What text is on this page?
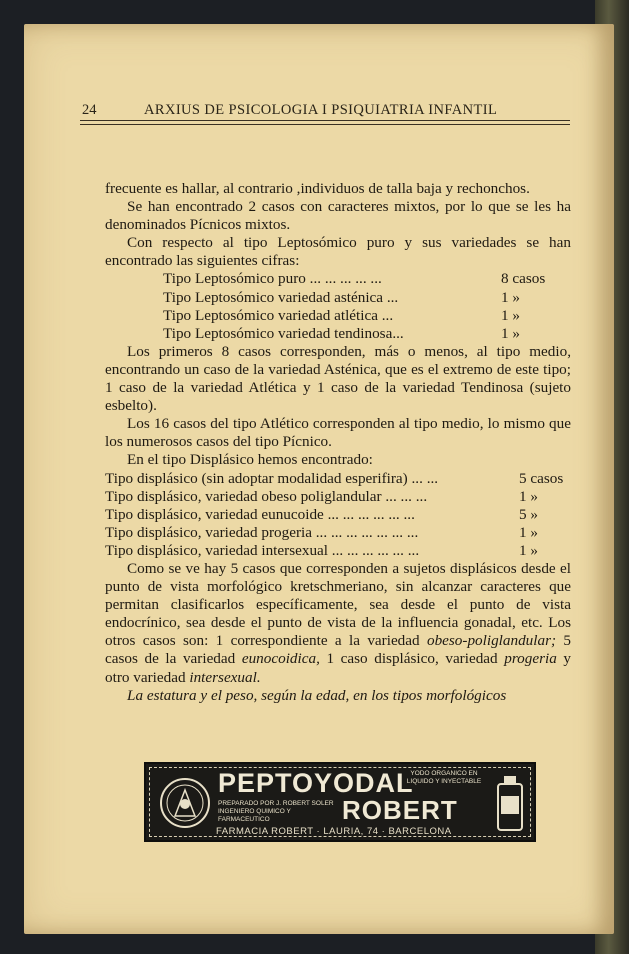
24	ARXIUS DE PSICOLOGIA I PSIQUIATRIA INFANTIL

frecuente es hallar, al contrario ,individuos de talla baja y rechonchos.

Se han encontrado 2 casos con caracteres mixtos, por lo que se les ha denominados Pícnicos mixtos.

Con respecto al tipo Leptosómico puro y sus variedades se han encontrado las siguientes cifras:

Tipo Leptosómico puro ... ... ... ... ...	8 casos
Tipo Leptosómico variedad asténica ...	1 »
Tipo Leptosómico variedad atlética ...	1 »
Tipo Leptosómico variedad tendinosa...	1 »

Los primeros 8 casos corresponden, más o menos, al tipo medio, encontrando un caso de la variedad Asténica, que es el extremo de este tipo; 1 caso de la variedad Atlética y 1 caso de la variedad Tendinosa (sujeto esbelto).

Los 16 casos del tipo Atlético corresponden al tipo medio, lo mismo que los numerosos casos del tipo Pícnico.

En el tipo Displásico hemos encontrado:

Tipo displásico (sin adoptar modalidad esperifira) ... ...	5 casos
Tipo displásico, variedad obeso poliglandular ... ... ...	1 »
Tipo displásico, variedad eunucoide ... ... ... ... ... ...	5 »
Tipo displásico, variedad progeria ... ... ... ... ... ... ...	1 »
Tipo displásico, variedad intersexual ... ... ... ... ... ...	1 »

Como se ve hay 5 casos que corresponden a sujetos displásicos desde el punto de vista morfológico kretschmeriano, sin alcanzar caracteres que permitan clasificarlos específicamente, sea desde el punto de vista endocrínico, sea desde el punto de vista de la influencia gonadal, etc. Los otros casos son: 1 correspondiente a la variedad obeso-poliglandular; 5 casos de la variedad eunocoidica, 1 caso displásico, variedad progeria y otro variedad intersexual.

La estatura y el peso, según la edad, en los tipos morfológicos

PEPTOYODAL
YODO ORGANICO EN LIQUIDO Y INYECTABLE
PREPARADO POR J. ROBERT SOLER INGENIERO QUIMICO Y FARMACEUTICO	ROBERT
FARMACIA ROBERT · LAURIA, 74 · BARCELONA
